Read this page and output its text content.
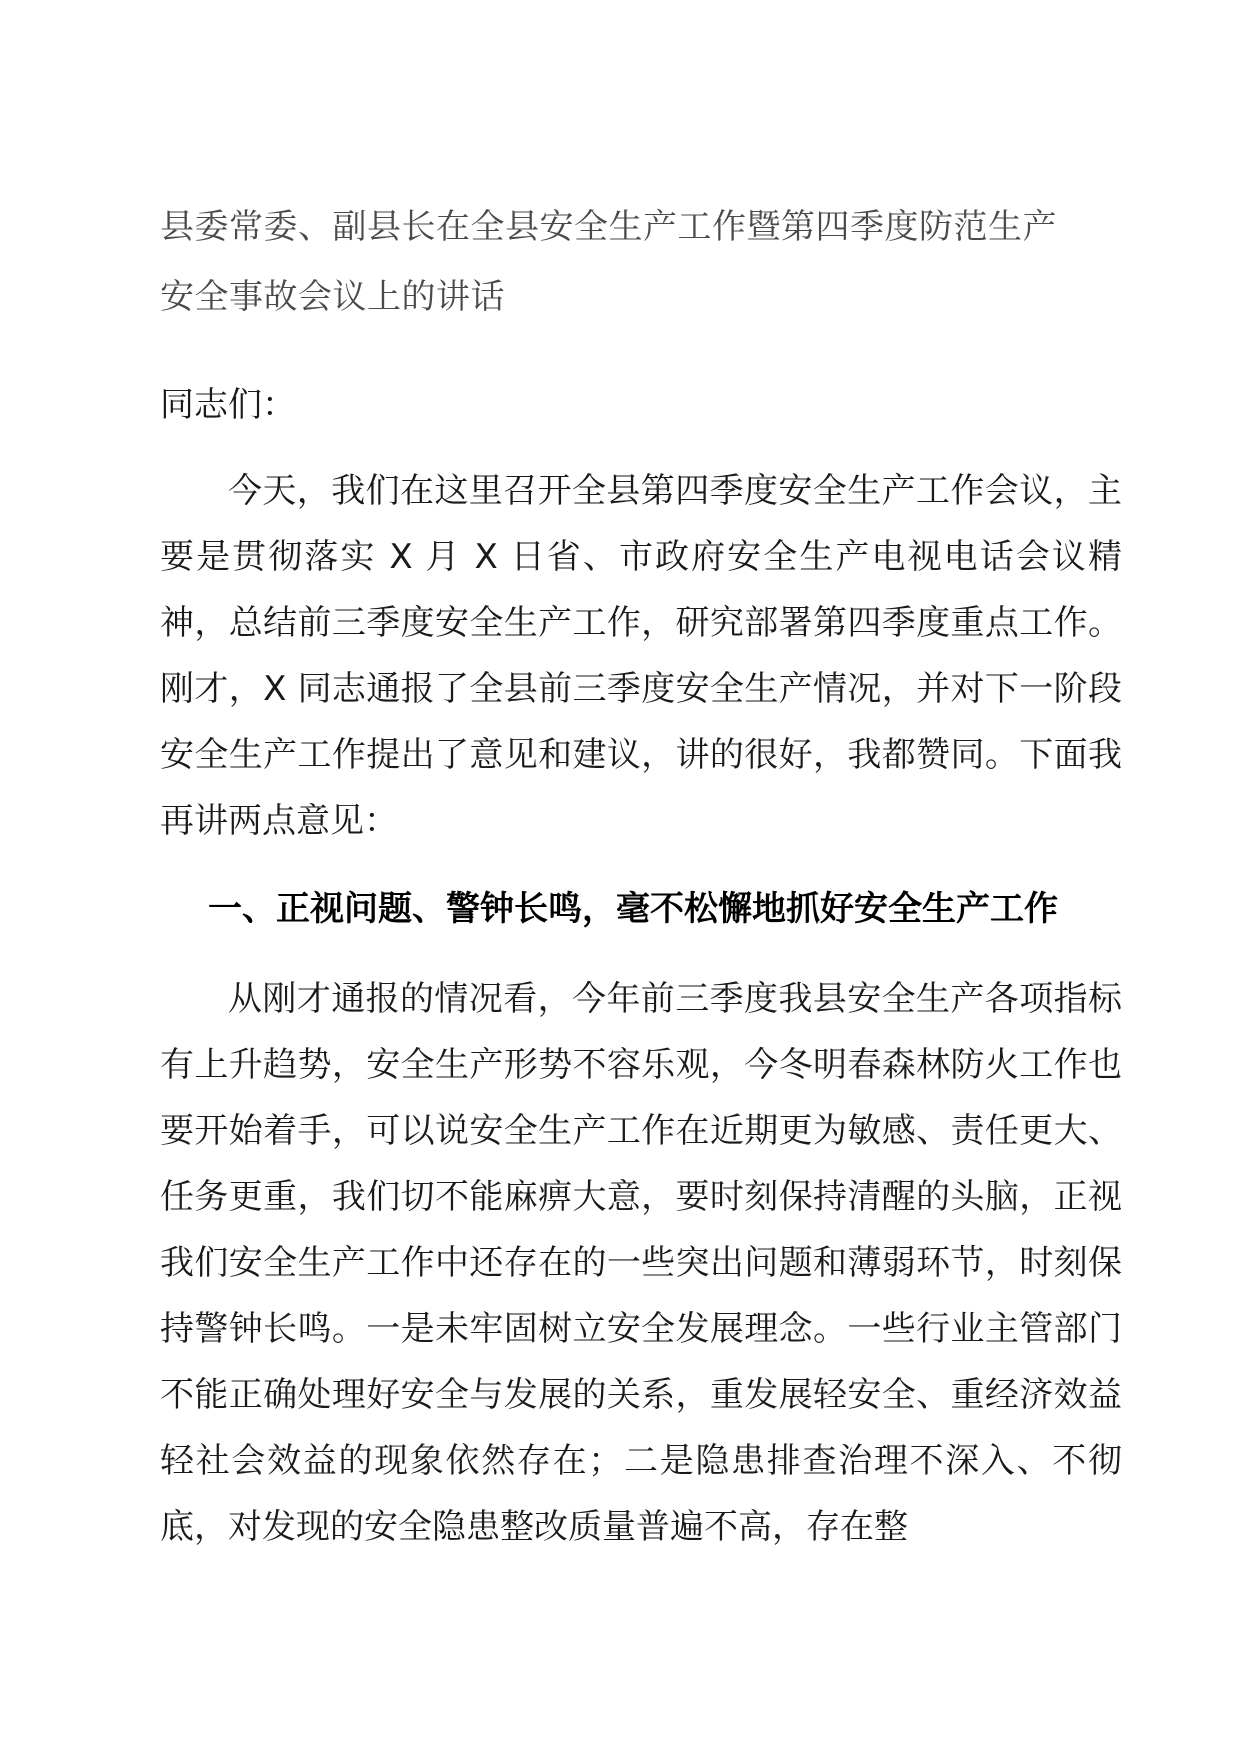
县委常委、副县长在全县安全生产工作暨第四季度防范生产安全事故会议上的讲话

同志们：

今天，我们在这里召开全县第四季度安全生产工作会议，主要是贯彻落实 X 月 X 日省、市政府安全生产电视电话会议精神，总结前三季度安全生产工作，研究部署第四季度重点工作。刚才，X 同志通报了全县前三季度安全生产情况，并对下一阶段安全生产工作提出了意见和建议，讲的很好，我都赞同。下面我再讲两点意见：

一、正视问题、警钟长鸣，毫不松懈地抓好安全生产工作

从刚才通报的情况看，今年前三季度我县安全生产各项指标有上升趋势，安全生产形势不容乐观，今冬明春森林防火工作也要开始着手，可以说安全生产工作在近期更为敏感、责任更大、任务更重，我们切不能麻痹大意，要时刻保持清醒的头脑，正视我们安全生产工作中还存在的一些突出问题和薄弱环节，时刻保持警钟长鸣。一是未牢固树立安全发展理念。一些行业主管部门不能正确处理好安全与发展的关系，重发展轻安全、重经济效益轻社会效益的现象依然存在；二是隐患排查治理不深入、不彻底，对发现的安全隐患整改质量普遍不高，存在整
